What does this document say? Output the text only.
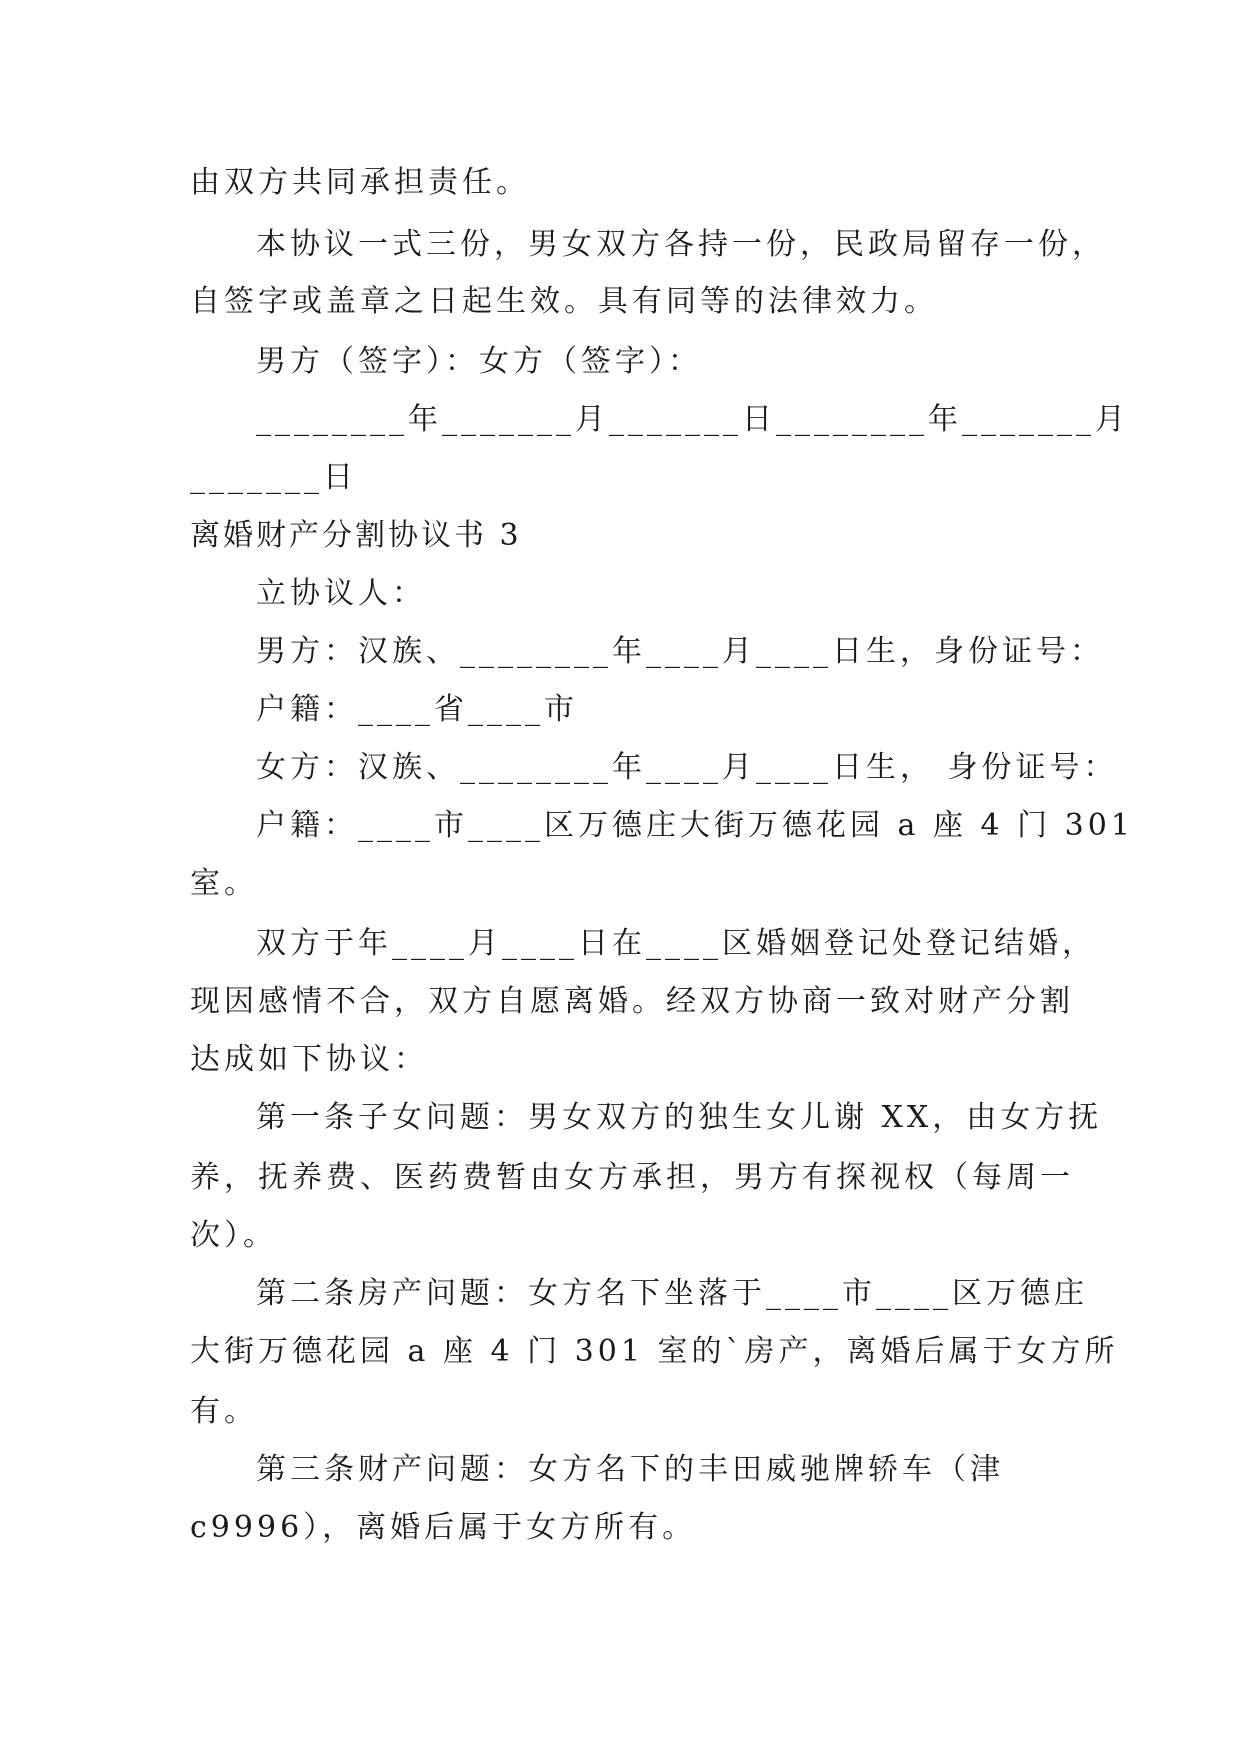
由双方共同承担责任。
本协议一式三份，男女双方各持一份，民政局留存一份，
自签字或盖章之日起生效。具有同等的法律效力。
男方（签字）：女方（签字）：
________年_______月_______日________年_______月
_______日
离婚财产分割协议书 3
立协议人：
男方：汉族、________年____月____日生，身份证号：
户籍：____省____市
女方：汉族、________年____月____日生， 身份证号：
户籍：____市____区万德庄大街万德花园 a 座 4 门 301
室。
双方于年____月____日在____区婚姻登记处登记结婚，
现因感情不合，双方自愿离婚。经双方协商一致对财产分割
达成如下协议：
第一条子女问题：男女双方的独生女儿谢 XX，由女方抚
养，抚养费、医药费暂由女方承担，男方有探视权（每周一
次）。
第二条房产问题：女方名下坐落于____市____区万德庄
大街万德花园 a 座 4 门 301 室的`房产，离婚后属于女方所
有。
第三条财产问题：女方名下的丰田威驰牌轿车（津
c9996），离婚后属于女方所有。
